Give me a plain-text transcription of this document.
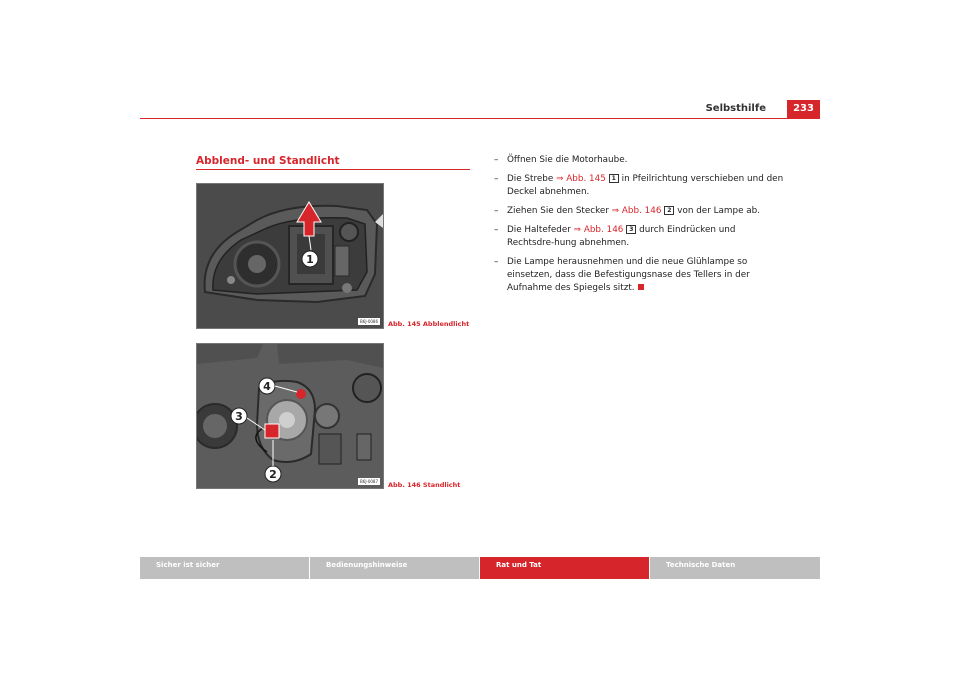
Selbsthilfe	233
Abblend- und Standlicht
1
B6J-0086	Abb. 145 Abblendlicht
4
3
2
B6J-0087	Abb. 146 Standlicht
– Öffnen Sie die Motorhaube.
– Die Strebe ⇒ Abb. 145 1 in Pfeilrichtung verschieben und den Deckel abnehmen.
– Ziehen Sie den Stecker ⇒ Abb. 146 2 von der Lampe ab.
– Die Haltefeder ⇒ Abb. 146 3 durch Eindrücken und Rechtsdre-hung abnehmen.
– Die Lampe herausnehmen und die neue Glühlampe so einsetzen, dass die Befestigungsnase des Tellers in der Aufnahme des Spiegels sitzt.
Sicher ist sicher	Bedienungshinweise	Rat und Tat	Technische Daten
